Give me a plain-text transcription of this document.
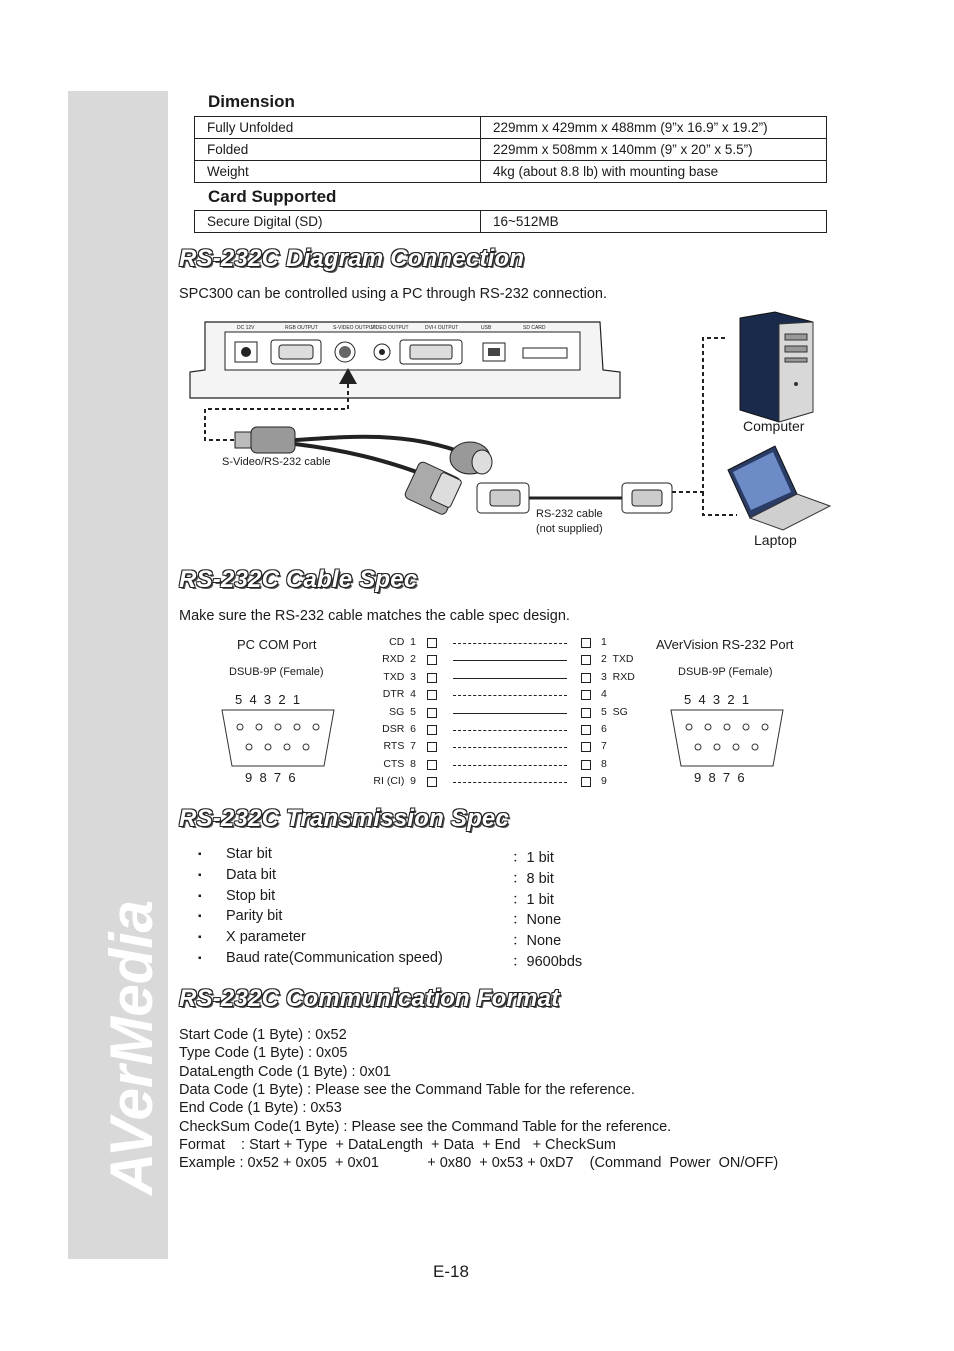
AVerMedia
Dimension
Fully Unfolded	229mm x 429mm x 488mm (9”x 16.9” x 19.2”)
Folded	229mm x 508mm x 140mm (9” x 20” x 5.5”)
Weight	4kg (about 8.8 lb) with mounting base
Card Supported
Secure Digital (SD)	16~512MB
RS-232C Diagram Connection
SPC300 can be controlled using a PC through RS-232 connection.
DC 12V	RGB OUTPUT	S-VIDEO OUTPUT
VIDEO OUTPUT	DVI-I OUTPUT	USB	SD CARD
Computer
Laptop
S-Video/RS-232 cable
RS-232 cable
(not supplied)
RS-232C Cable Spec
Make sure the RS-232 cable matches the cable spec design.
PC COM Port
DSUB-9P (Female)
5  4  3  2  1
9  8  7  6
AVerVision RS-232 Port
DSUB-9P (Female)
5  4  3  2  1
9  8  7  6
CD  1	1
RXD  2	2  TXD
TXD  3	3  RXD
DTR  4	4
SG  5	5  SG
DSR  6	6
RTS  7	7
CTS  8	8
RI (CI)  9	9
RS-232C Transmission Spec
▪ Star bit	：1 bit
▪ Data bit	：8 bit
▪ Stop bit	：1 bit
▪ Parity bit	：None
▪ X parameter	：None
▪ Baud rate(Communication speed)	：9600bds
RS-232C Communication Format
Start Code (1 Byte) : 0x52
Type Code (1 Byte) : 0x05
DataLength Code (1 Byte) : 0x01
Data Code (1 Byte) : Please see the Command Table for the reference.
End Code (1 Byte) : 0x53
CheckSum Code(1 Byte) : Please see the Command Table for the reference.
Format    : Start + Type  + DataLength  + Data  + End   + CheckSum
Example : 0x52 + 0x05  + 0x01            + 0x80  + 0x53 + 0xD7    (Command  Power  ON/OFF)
E-18
